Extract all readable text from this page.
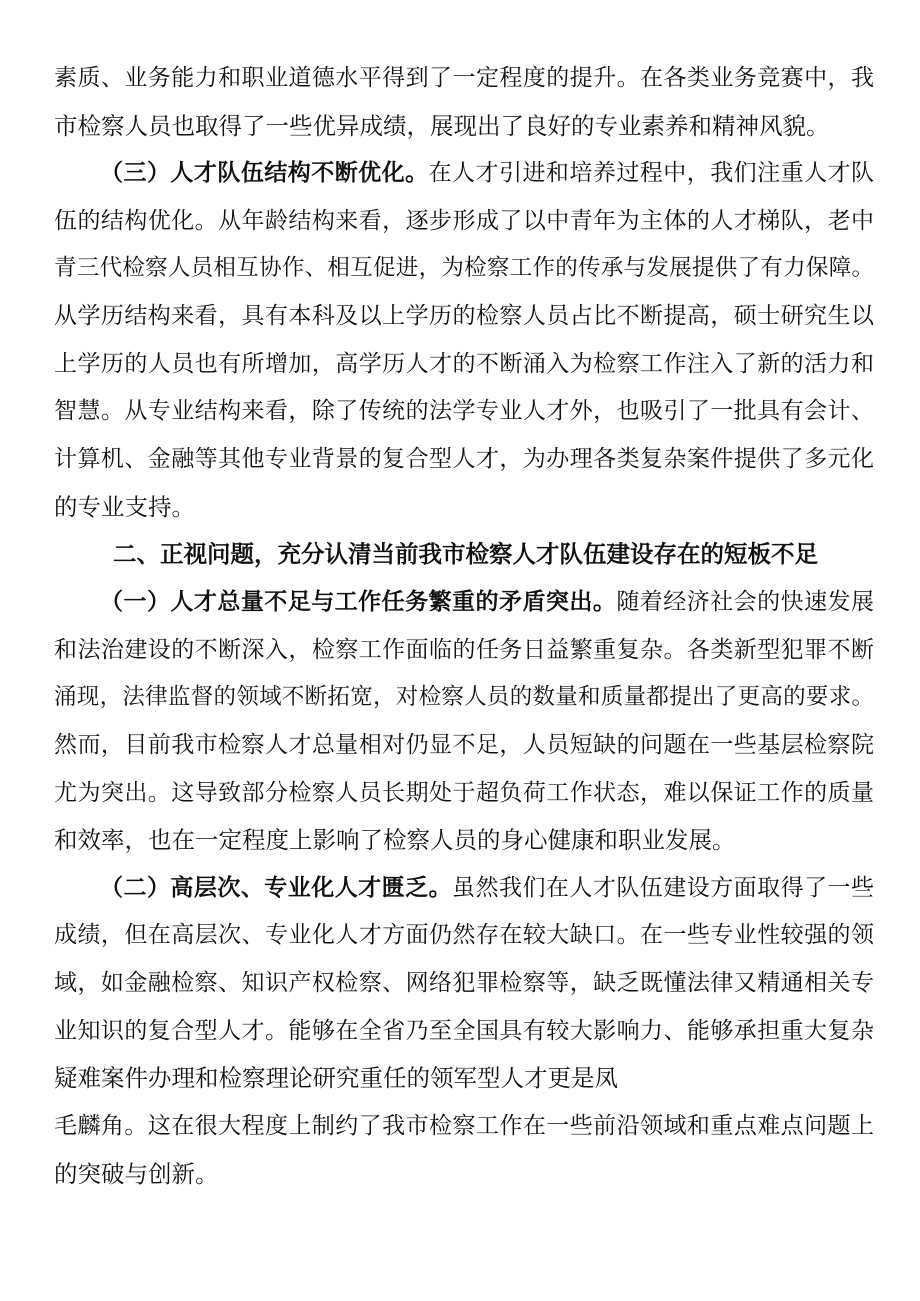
素质、业务能力和职业道德水平得到了一定程度的提升。在各类业务竞赛中，我
市检察人员也取得了一些优异成绩，展现出了良好的专业素养和精神风貌。
（三）人才队伍结构不断优化。在人才引进和培养过程中，我们注重人才队
伍的结构优化。从年龄结构来看，逐步形成了以中青年为主体的人才梯队，老中
青三代检察人员相互协作、相互促进，为检察工作的传承与发展提供了有力保障。
从学历结构来看，具有本科及以上学历的检察人员占比不断提高，硕士研究生以
上学历的人员也有所增加，高学历人才的不断涌入为检察工作注入了新的活力和
智慧。从专业结构来看，除了传统的法学专业人才外，也吸引了一批具有会计、
计算机、金融等其他专业背景的复合型人才，为办理各类复杂案件提供了多元化
的专业支持。
二、正视问题，充分认清当前我市检察人才队伍建设存在的短板不足
（一）人才总量不足与工作任务繁重的矛盾突出。随着经济社会的快速发展
和法治建设的不断深入，检察工作面临的任务日益繁重复杂。各类新型犯罪不断
涌现，法律监督的领域不断拓宽，对检察人员的数量和质量都提出了更高的要求。
然而，目前我市检察人才总量相对仍显不足，人员短缺的问题在一些基层检察院
尤为突出。这导致部分检察人员长期处于超负荷工作状态，难以保证工作的质量
和效率，也在一定程度上影响了检察人员的身心健康和职业发展。
（二）高层次、专业化人才匮乏。虽然我们在人才队伍建设方面取得了一些
成绩，但在高层次、专业化人才方面仍然存在较大缺口。在一些专业性较强的领
域，如金融检察、知识产权检察、网络犯罪检察等，缺乏既懂法律又精通相关专
业知识的复合型人才。能够在全省乃至全国具有较大影响力、能够承担重大复杂
疑难案件办理和检察理论研究重任的领军型人才更是凤
毛麟角。这在很大程度上制约了我市检察工作在一些前沿领域和重点难点问题上
的突破与创新。
